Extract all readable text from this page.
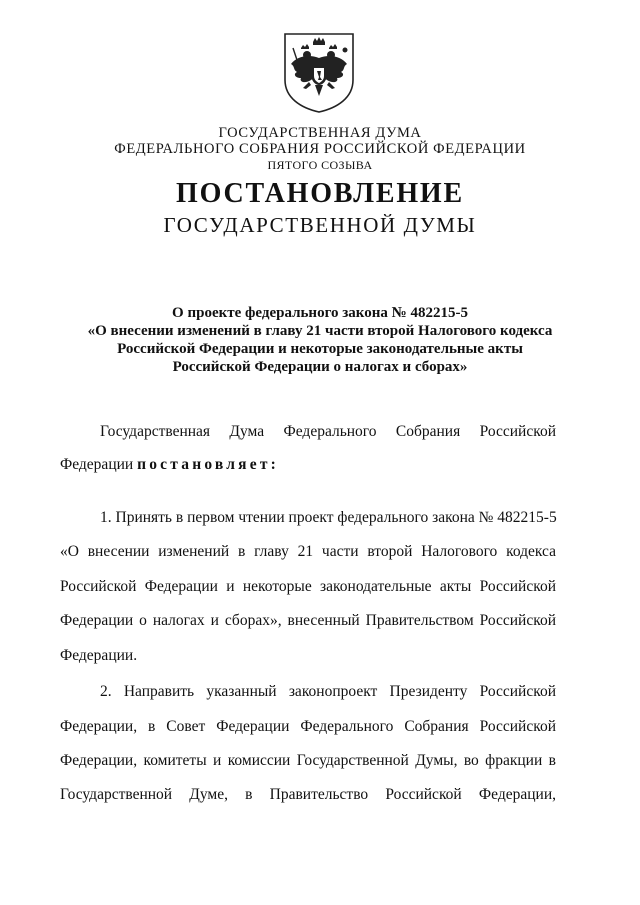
ГОСУДАРСТВЕННАЯ ДУМА
ФЕДЕРАЛЬНОГО СОБРАНИЯ РОССИЙСКОЙ ФЕДЕРАЦИИ
ПЯТОГО СОЗЫВА
ПОСТАНОВЛЕНИЕ
ГОСУДАРСТВЕННОЙ ДУМЫ
О проекте федерального закона № 482215-5
«О внесении изменений в главу 21 части второй Налогового кодекса
Российской Федерации и некоторые законодательные акты
Российской Федерации о налогах и сборах»
Государственная Дума Федерального Собрания Российской
Федерации постановляет:
1. Принять в первом чтении проект федерального закона № 482215-5
«О внесении изменений в главу 21 части второй Налогового кодекса
Российской Федерации и некоторые законодательные акты Российской
Федерации о налогах и сборах», внесенный Правительством Российской
Федерации.
2. Направить указанный законопроект Президенту Российской
Федерации, в Совет Федерации Федерального Собрания Российской
Федерации, комитеты и комиссии Государственной Думы, во фракции в
Государственной Думе, в Правительство Российской Федерации,
